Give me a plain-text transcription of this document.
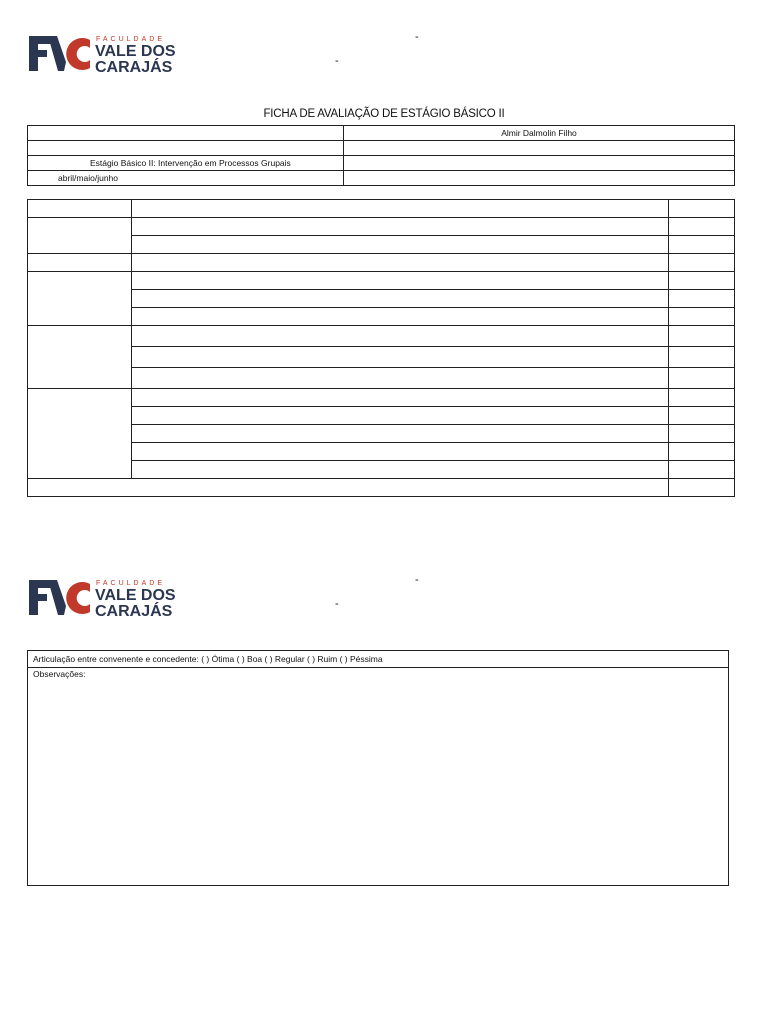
FACULDADE
VALE DOS
CARAJÁS
-
-
FICHA DE AVALIAÇÃO DE ESTÁGIO BÁSICO II
	Almir Dalmolin Filho

Estágio Básico II: Intervenção em Processos Grupais	
abril/maio/junho	

FACULDADE
VALE DOS
CARAJÁS
-
-
Articulação entre convenente e concedente: ( ) Ótima ( ) Boa ( ) Regular ( ) Ruim ( ) Péssima
Observações:
